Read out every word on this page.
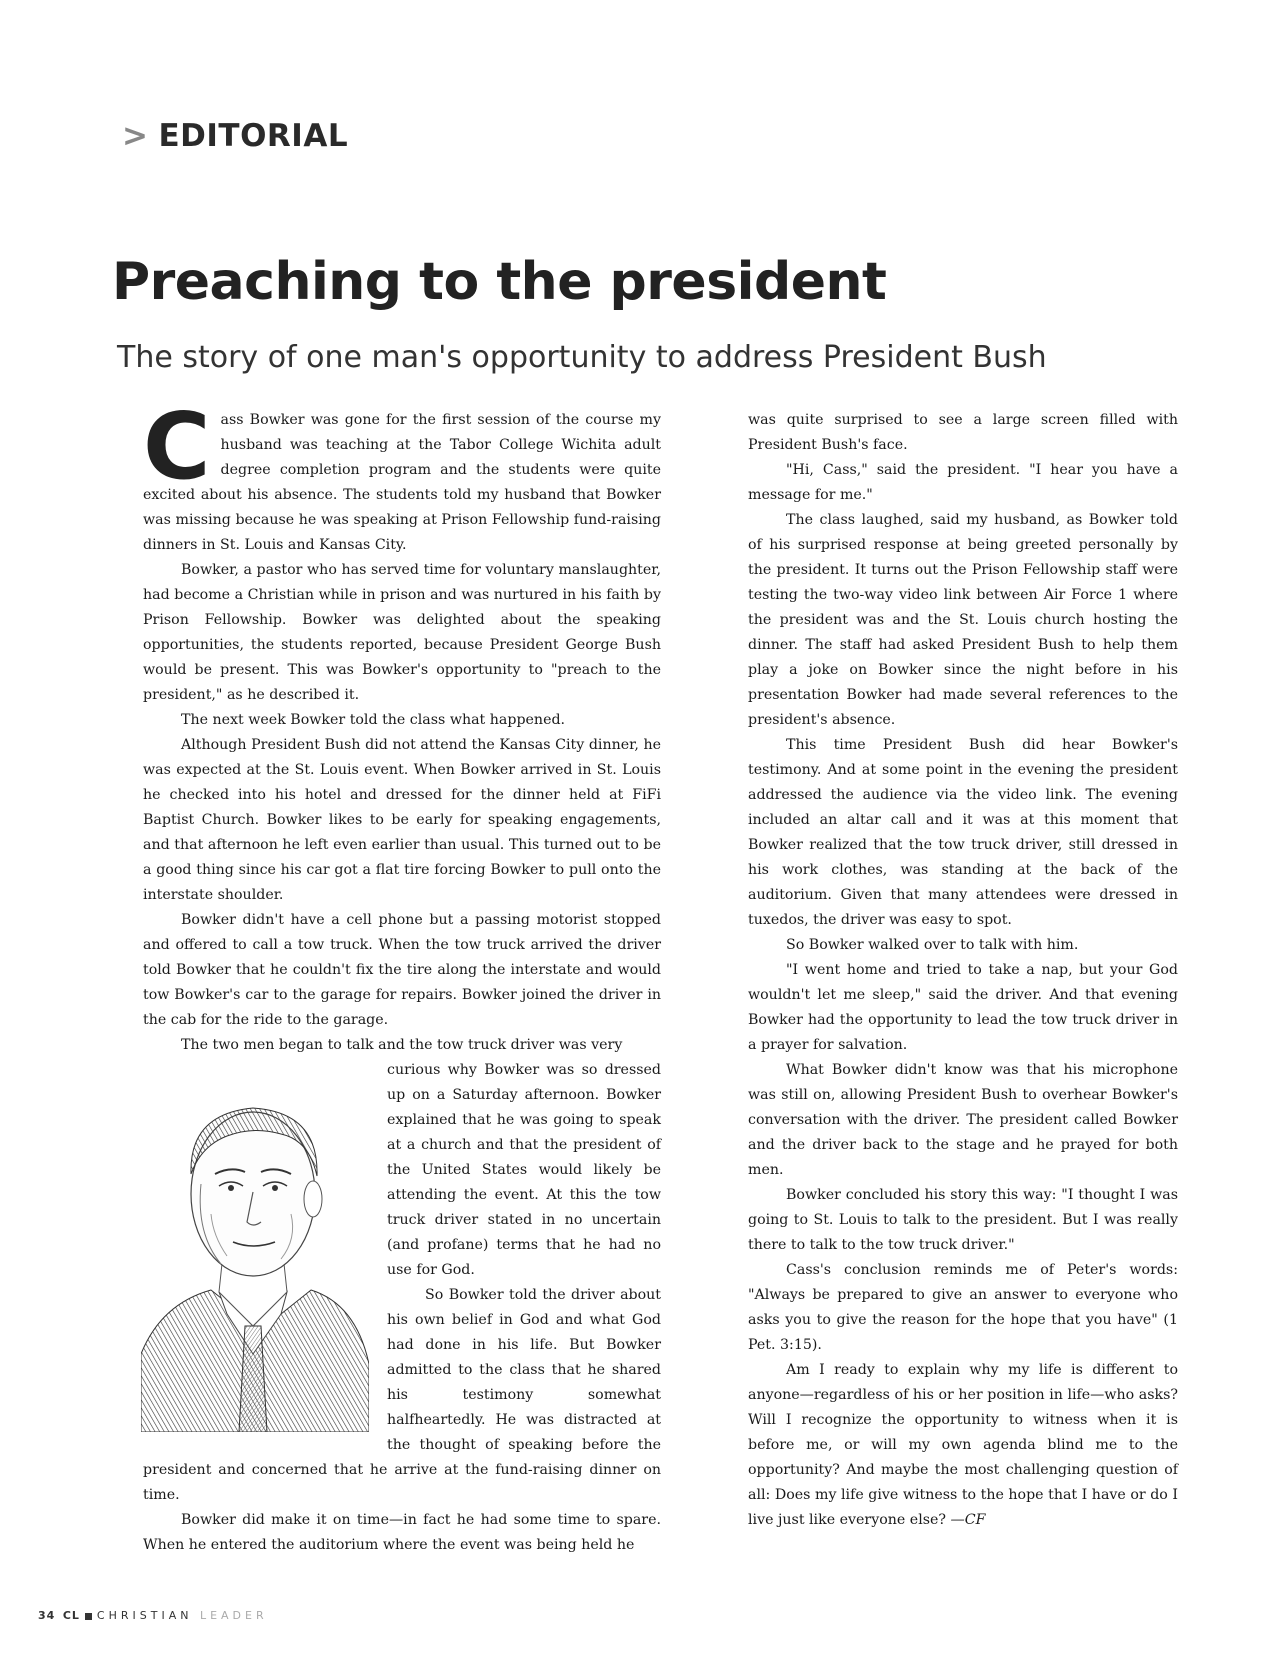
> EDITORIAL
Preaching to the president
The story of one man's opportunity to address President Bush

Cass Bowker was gone for the first session of the course my husband was teaching at the Tabor College Wichita adult degree completion program and the students were quite excited about his absence. The students told my husband that Bowker was missing because he was speaking at Prison Fellowship fund-raising dinners in St. Louis and Kansas City.

Bowker, a pastor who has served time for voluntary manslaughter, had become a Christian while in prison and was nurtured in his faith by Prison Fellowship. Bowker was delighted about the speaking opportunities, the students reported, because President George Bush would be present. This was Bowker's opportunity to "preach to the president," as he described it.

The next week Bowker told the class what happened.

Although President Bush did not attend the Kansas City dinner, he was expected at the St. Louis event. When Bowker arrived in St. Louis he checked into his hotel and dressed for the dinner held at FiFi Baptist Church. Bowker likes to be early for speaking engagements, and that afternoon he left even earlier than usual. This turned out to be a good thing since his car got a flat tire forcing Bowker to pull onto the interstate shoulder.

Bowker didn't have a cell phone but a passing motorist stopped and offered to call a tow truck. When the tow truck arrived the driver told Bowker that he couldn't fix the tire along the interstate and would tow Bowker's car to the garage for repairs. Bowker joined the driver in the cab for the ride to the garage.

The two men began to talk and the tow truck driver was very

curious why Bowker was so dressed up on a Saturday afternoon. Bowker explained that he was going to speak at a church and that the president of the United States would likely be attending the event. At this the tow truck driver stated in no uncertain (and profane) terms that he had no use for God.

So Bowker told the driver about his own belief in God and what God had done in his life. But Bowker admitted to the class that he shared his testimony somewhat halfheartedly. He was distracted at the thought of speaking before the president and concerned that he arrive at the fund-raising dinner on time.

Bowker did make it on time—in fact he had some time to spare. When he entered the auditorium where the event was being held he

was quite surprised to see a large screen filled with President Bush's face.

"Hi, Cass," said the president. "I hear you have a message for me."

The class laughed, said my husband, as Bowker told of his surprised response at being greeted personally by the president. It turns out the Prison Fellowship staff were testing the two-way video link between Air Force 1 where the president was and the St. Louis church hosting the dinner. The staff had asked President Bush to help them play a joke on Bowker since the night before in his presentation Bowker had made several references to the president's absence.

This time President Bush did hear Bowker's testimony. And at some point in the evening the president addressed the audience via the video link. The evening included an altar call and it was at this moment that Bowker realized that the tow truck driver, still dressed in his work clothes, was standing at the back of the auditorium. Given that many attendees were dressed in tuxedos, the driver was easy to spot.

So Bowker walked over to talk with him.

"I went home and tried to take a nap, but your God wouldn't let me sleep," said the driver. And that evening Bowker had the opportunity to lead the tow truck driver in a prayer for salvation.

What Bowker didn't know was that his microphone was still on, allowing President Bush to overhear Bowker's conversation with the driver. The president called Bowker and the driver back to the stage and he prayed for both men.

Bowker concluded his story this way: "I thought I was going to St. Louis to talk to the president. But I was really there to talk to the tow truck driver."

Cass's conclusion reminds me of Peter's words: "Always be prepared to give an answer to everyone who asks you to give the reason for the hope that you have" (1 Pet. 3:15).

Am I ready to explain why my life is different to anyone—regardless of his or her position in life—who asks? Will I recognize the opportunity to witness when it is before me, or will my own agenda blind me to the opportunity? And maybe the most challenging question of all: Does my life give witness to the hope that I have or do I live just like everyone else? —CF

34 CL CHRISTIAN LEADER
